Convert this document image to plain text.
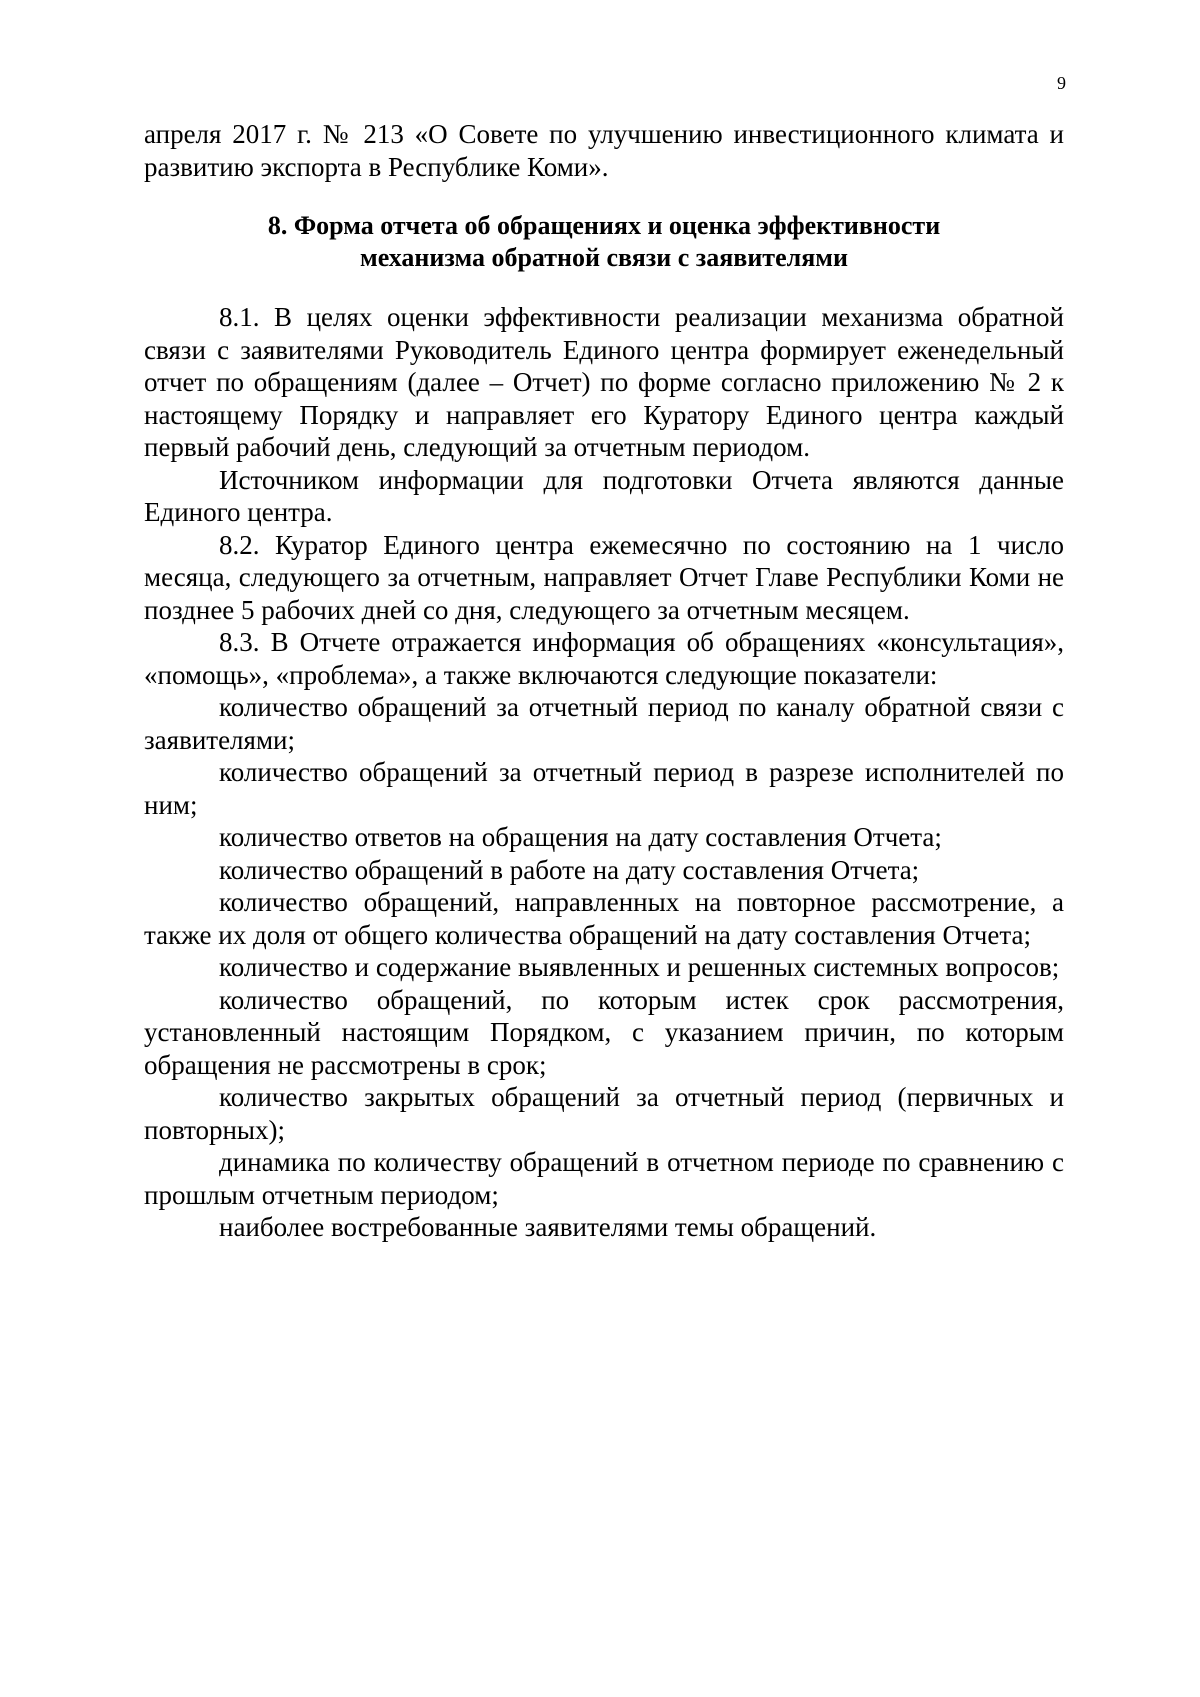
9

апреля 2017 г. № 213 «О Совете по улучшению инвестиционного климата и развитию экспорта в Республике Коми».

8. Форма отчета об обращениях и оценка эффективности
механизма обратной связи с заявителями

8.1. В целях оценки эффективности реализации механизма обратной связи с заявителями Руководитель Единого центра формирует еженедельный отчет по обращениям (далее – Отчет) по форме согласно приложению № 2 к настоящему Порядку и направляет его Куратору Единого центра каждый первый рабочий день, следующий за отчетным периодом.

Источником информации для подготовки Отчета являются данные Единого центра.

8.2. Куратор Единого центра ежемесячно по состоянию на 1 число месяца, следующего за отчетным, направляет Отчет Главе Республики Коми не позднее 5 рабочих дней со дня, следующего за отчетным месяцем.

8.3. В Отчете отражается информация об обращениях «консультация», «помощь», «проблема», а также включаются следующие показатели:

количество обращений за отчетный период по каналу обратной связи с заявителями;

количество обращений за отчетный период в разрезе исполнителей по ним;

количество ответов на обращения на дату составления Отчета;

количество обращений в работе на дату составления Отчета;

количество обращений, направленных на повторное рассмотрение, а также их доля от общего количества обращений на дату составления Отчета;

количество и содержание выявленных и решенных системных вопросов;

количество обращений, по которым истек срок рассмотрения, установленный настоящим Порядком, с указанием причин, по которым обращения не рассмотрены в срок;

количество закрытых обращений за отчетный период (первичных и повторных);

динамика по количеству обращений в отчетном периоде по сравнению с прошлым отчетным периодом;

наиболее востребованные заявителями темы обращений.
